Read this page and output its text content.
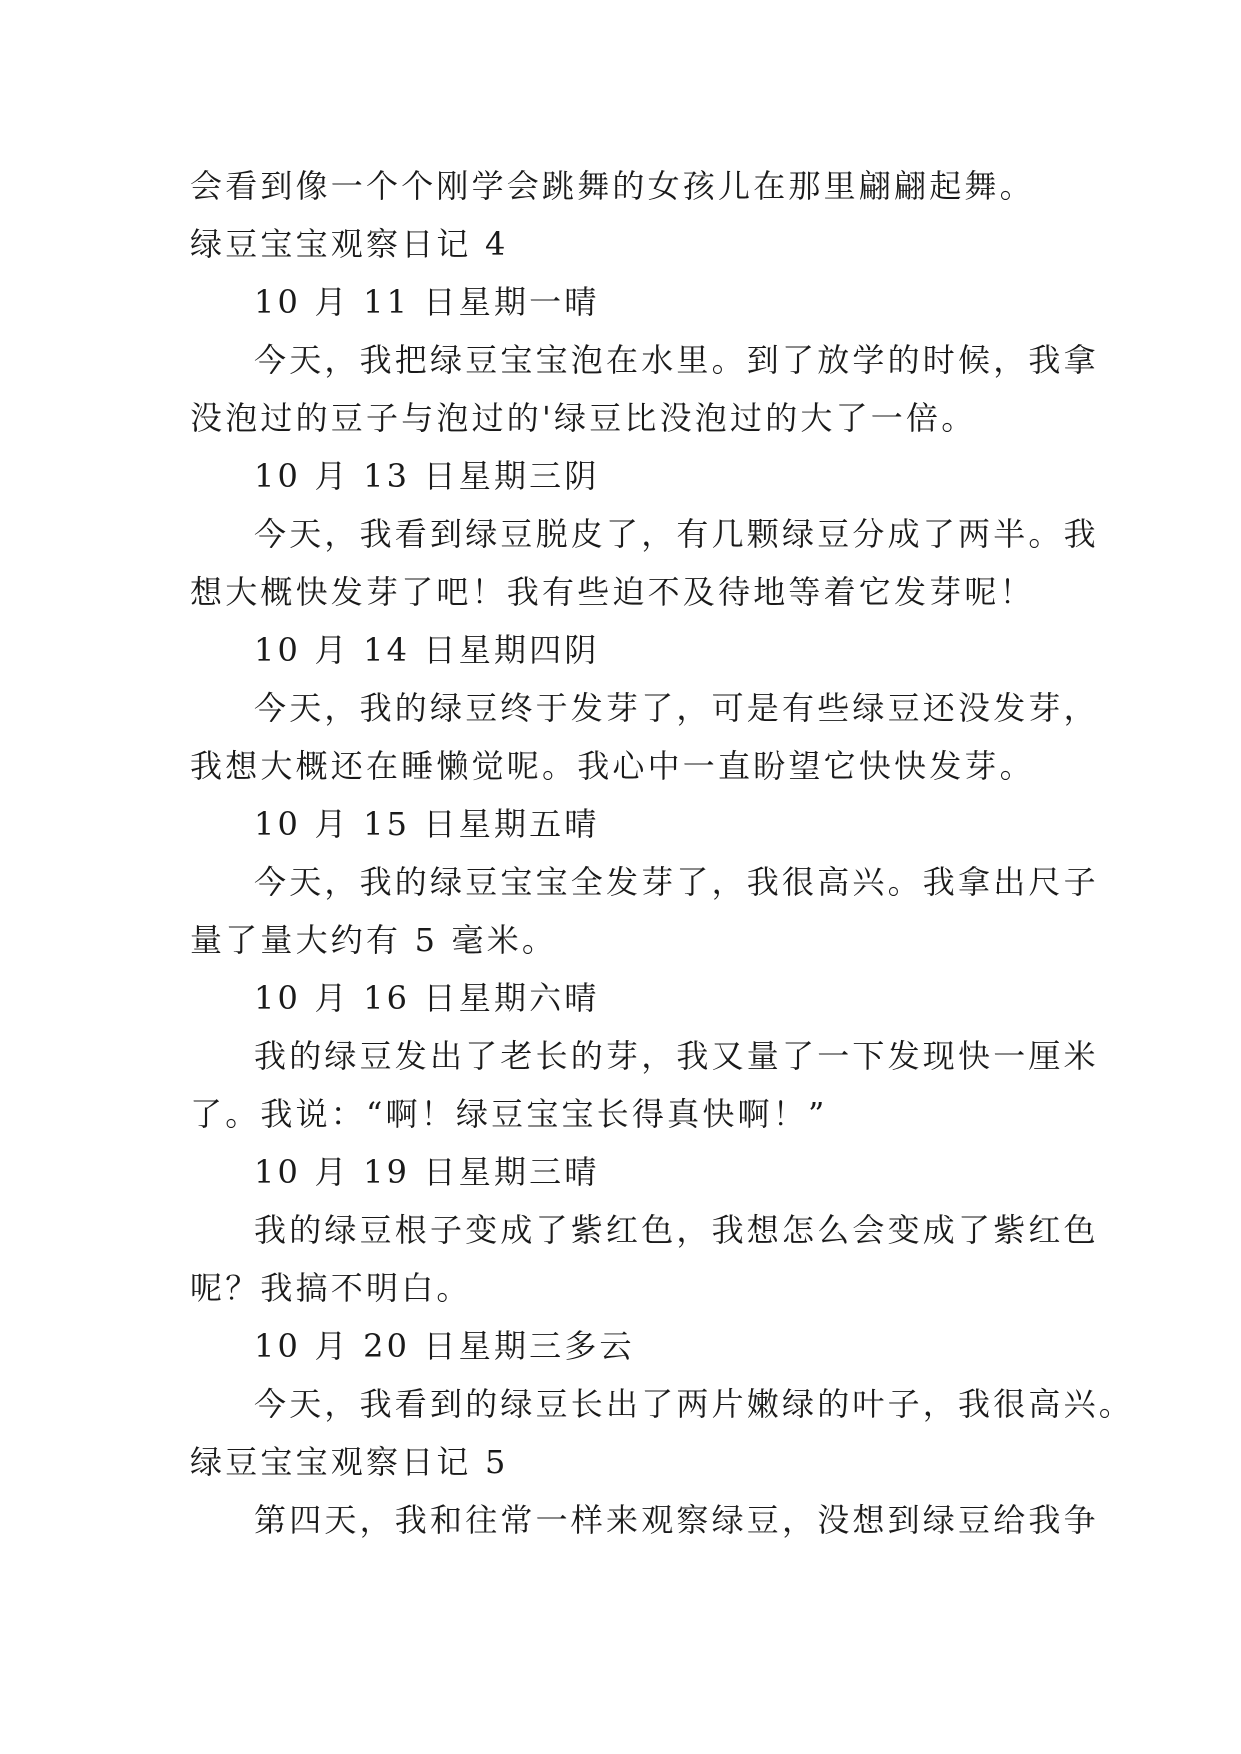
会看到像一个个刚学会跳舞的女孩儿在那里翩翩起舞。
绿豆宝宝观察日记 4
10 月 11 日星期一晴
今天，我把绿豆宝宝泡在水里。到了放学的时候，我拿
没泡过的豆子与泡过的'绿豆比没泡过的大了一倍。
10 月 13 日星期三阴
今天，我看到绿豆脱皮了，有几颗绿豆分成了两半。我
想大概快发芽了吧！我有些迫不及待地等着它发芽呢！
10 月 14 日星期四阴
今天，我的绿豆终于发芽了，可是有些绿豆还没发芽，
我想大概还在睡懒觉呢。我心中一直盼望它快快发芽。
10 月 15 日星期五晴
今天，我的绿豆宝宝全发芽了，我很高兴。我拿出尺子
量了量大约有 5 毫米。
10 月 16 日星期六晴
我的绿豆发出了老长的芽，我又量了一下发现快一厘米
了。我说：“啊！绿豆宝宝长得真快啊！”
10 月 19 日星期三晴
我的绿豆根子变成了紫红色，我想怎么会变成了紫红色
呢？我搞不明白。
10 月 20 日星期三多云
今天，我看到的绿豆长出了两片嫩绿的叶子，我很高兴。
绿豆宝宝观察日记 5
第四天，我和往常一样来观察绿豆，没想到绿豆给我争
